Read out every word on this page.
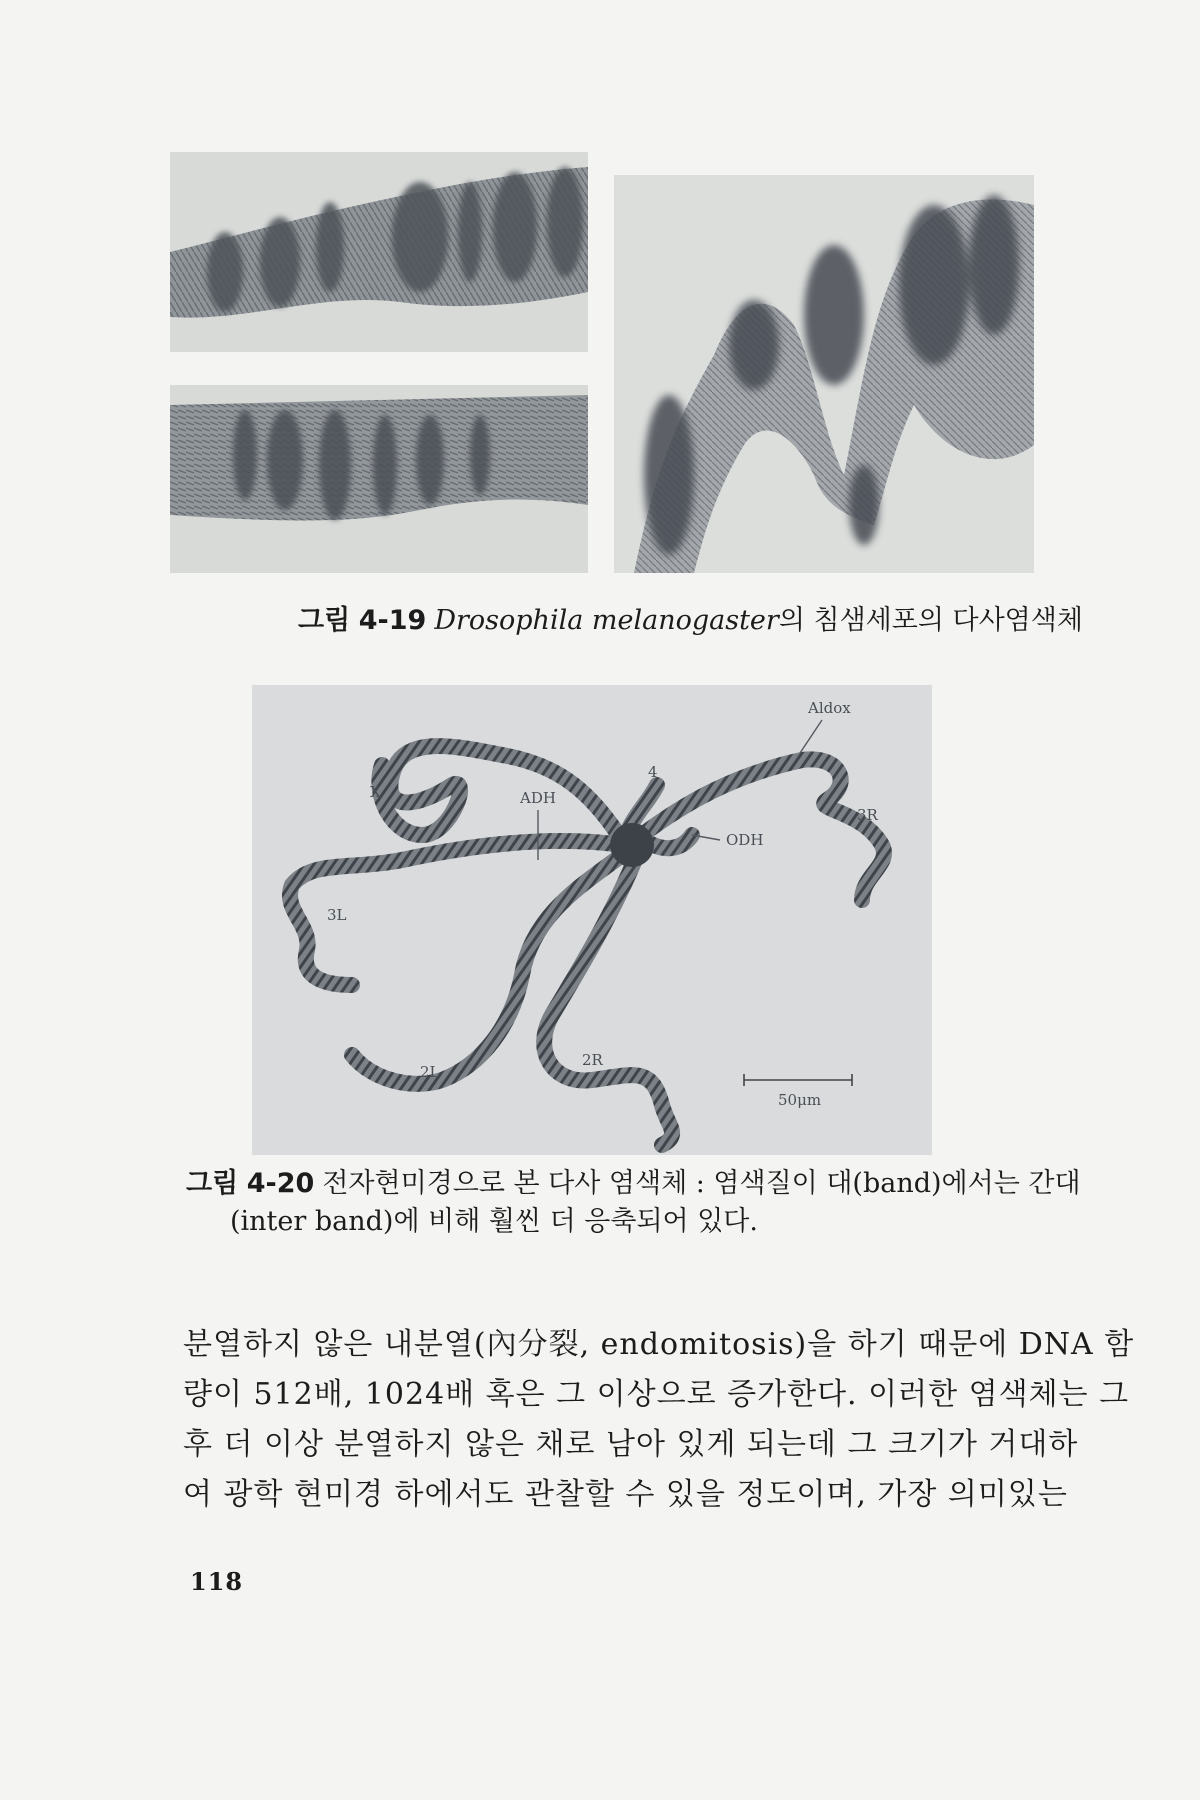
그림 4-19 Drosophila melanogaster의 침샘세포의 다사염색체
Aldox
X	ADH
4
3R
ODH
3L
2L
2R
50μm
그림 4-20 전자현미경으로 본 다사 염색체 : 염색질이 대(band)에서는 간대
(inter band)에 비해 훨씬 더 응축되어 있다.
분열하지 않은 내분열(內分裂, endomitosis)을 하기 때문에 DNA 함
량이 512배, 1024배 혹은 그 이상으로 증가한다. 이러한 염색체는 그
후 더 이상 분열하지 않은 채로 남아 있게 되는데 그 크기가 거대하
여 광학 현미경 하에서도 관찰할 수 있을 정도이며, 가장 의미있는
118
